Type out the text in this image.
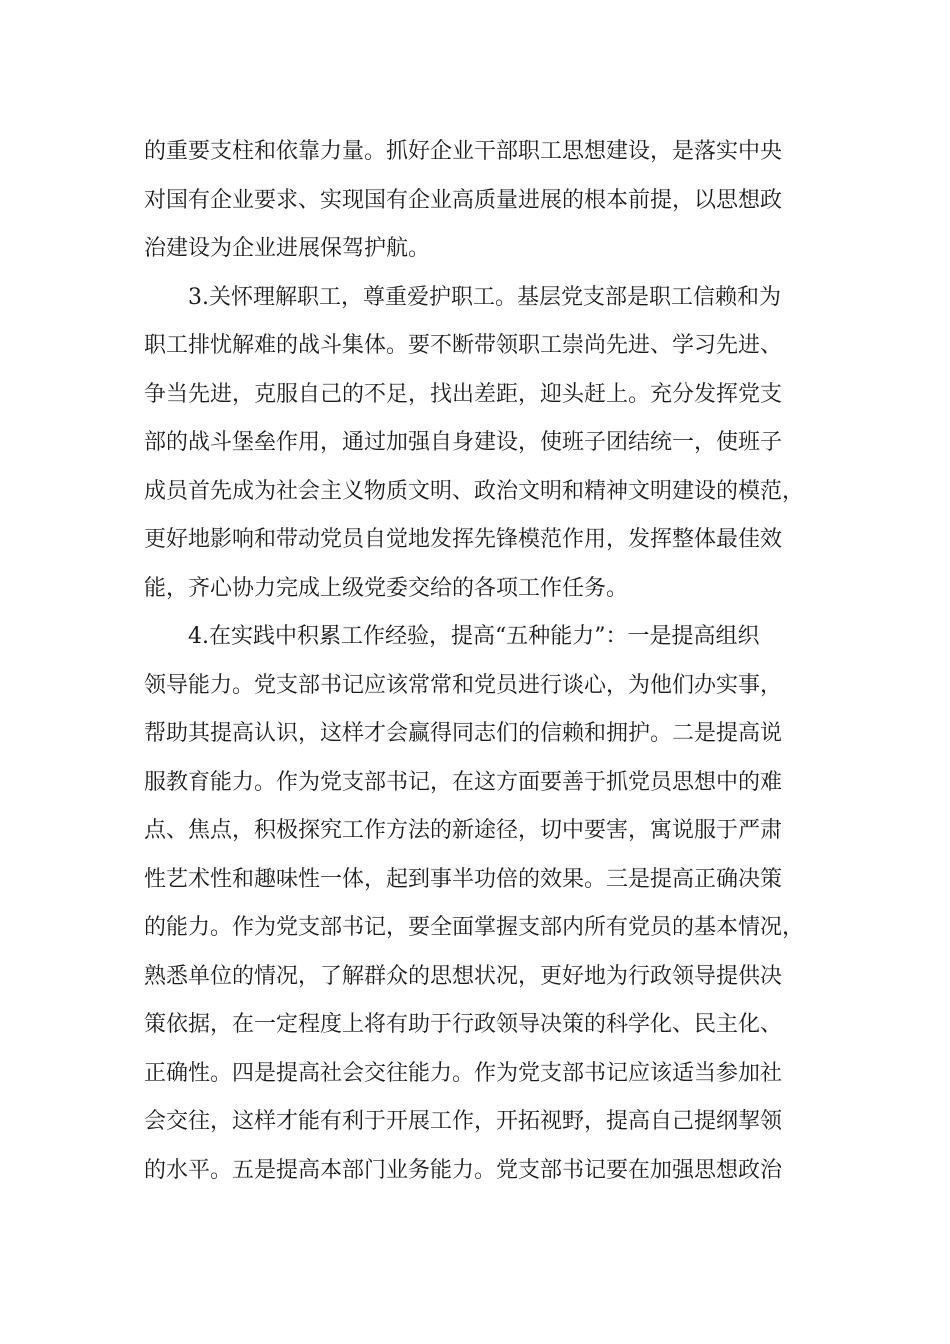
的重要支柱和依靠力量。抓好企业干部职工思想建设，是落实中央

对国有企业要求、实现国有企业高质量进展的根本前提，以思想政

治建设为企业进展保驾护航。

3.关怀理解职工，尊重爱护职工。基层党支部是职工信赖和为

职工排忧解难的战斗集体。要不断带领职工崇尚先进、学习先进、

争当先进，克服自己的不足，找出差距，迎头赶上。充分发挥党支

部的战斗堡垒作用，通过加强自身建设，使班子团结统一，使班子

成员首先成为社会主义物质文明、政治文明和精神文明建设的模范，

更好地影响和带动党员自觉地发挥先锋模范作用，发挥整体最佳效

能，齐心协力完成上级党委交给的各项工作任务。

4.在实践中积累工作经验，提高“五种能力”：一是提高组织

领导能力。党支部书记应该常常和党员进行谈心，为他们办实事，

帮助其提高认识，这样才会赢得同志们的信赖和拥护。二是提高说

服教育能力。作为党支部书记，在这方面要善于抓党员思想中的难

点、焦点，积极探究工作方法的新途径，切中要害，寓说服于严肃

性艺术性和趣味性一体，起到事半功倍的效果。三是提高正确决策

的能力。作为党支部书记，要全面掌握支部内所有党员的基本情况，

熟悉单位的情况，了解群众的思想状况，更好地为行政领导提供决

策依据，在一定程度上将有助于行政领导决策的科学化、民主化、

正确性。四是提高社会交往能力。作为党支部书记应该适当参加社

会交往，这样才能有利于开展工作，开拓视野，提高自己提纲挈领

的水平。五是提高本部门业务能力。党支部书记要在加强思想政治
